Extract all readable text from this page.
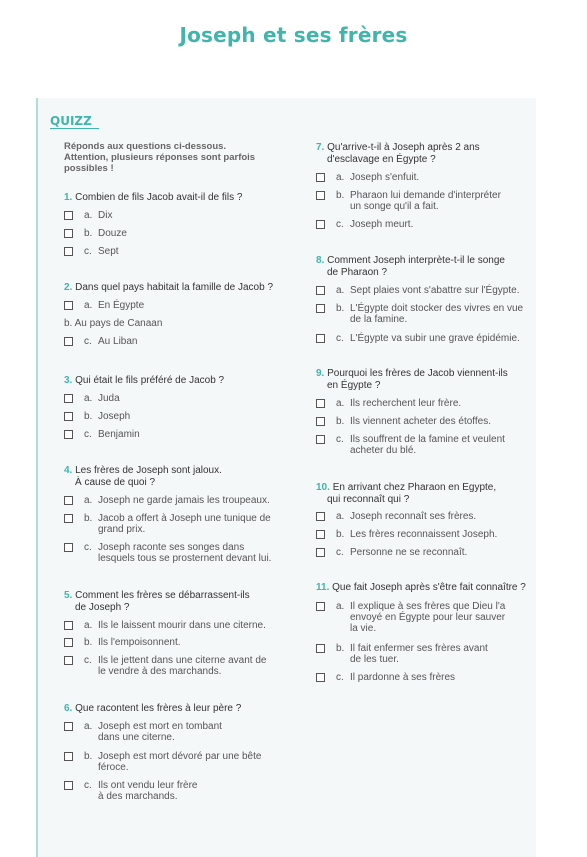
Joseph et ses frères
QUIZZ
Réponds aux questions ci-dessous.
Attention, plusieurs réponses sont parfois
possibles !
1. Combien de fils Jacob avait-il de fils ?
a. Dix
b. Douze
c. Sept
2. Dans quel pays habitait la famille de Jacob ?
a. En Égypte
b. Au pays de Canaan
c. Au Liban
3. Qui était le fils préféré de Jacob ?
a. Juda
b. Joseph
c. Benjamin
4. Les frères de Joseph sont jaloux.
À cause de quoi ?
a. Joseph ne garde jamais les troupeaux.
b. Jacob a offert à Joseph une tunique de
grand prix.
c. Joseph raconte ses songes dans
lesquels tous se prosternent devant lui.
5. Comment les frères se débarrassent-ils
de Joseph ?
a. Ils le laissent mourir dans une citerne.
b. Ils l'empoisonnent.
c. Ils le jettent dans une citerne avant de
le vendre à des marchands.
6. Que racontent les frères à leur père ?
a. Joseph est mort en tombant
dans une citerne.
b. Joseph est mort dévoré par une bête
féroce.
c. Ils ont vendu leur frère
à des marchands.
7. Qu'arrive-t-il à Joseph après 2 ans
d'esclavage en Égypte ?
a. Joseph s'enfuit.
b. Pharaon lui demande d'interpréter
un songe qu'il a fait.
c. Joseph meurt.
8. Comment Joseph interprète-t-il le songe
de Pharaon ?
a. Sept plaies vont s'abattre sur l'Égypte.
b. L'Égypte doit stocker des vivres en vue
de la famine.
c. L'Égypte va subir une grave épidémie.
9. Pourquoi les frères de Jacob viennent-ils
en Égypte ?
a. Ils recherchent leur frère.
b. Ils viennent acheter des étoffes.
c. Ils souffrent de la famine et veulent
acheter du blé.
10. En arrivant chez Pharaon en Egypte,
qui reconnaît qui ?
a. Joseph reconnaît ses frères.
b. Les frères reconnaissent Joseph.
c. Personne ne se reconnaît.
11. Que fait Joseph après s'être fait connaître ?
a. Il explique à ses frères que Dieu l'a
envoyé en Égypte pour leur sauver
la vie.
b. Il fait enfermer ses frères avant
de les tuer.
c. Il pardonne à ses frères
